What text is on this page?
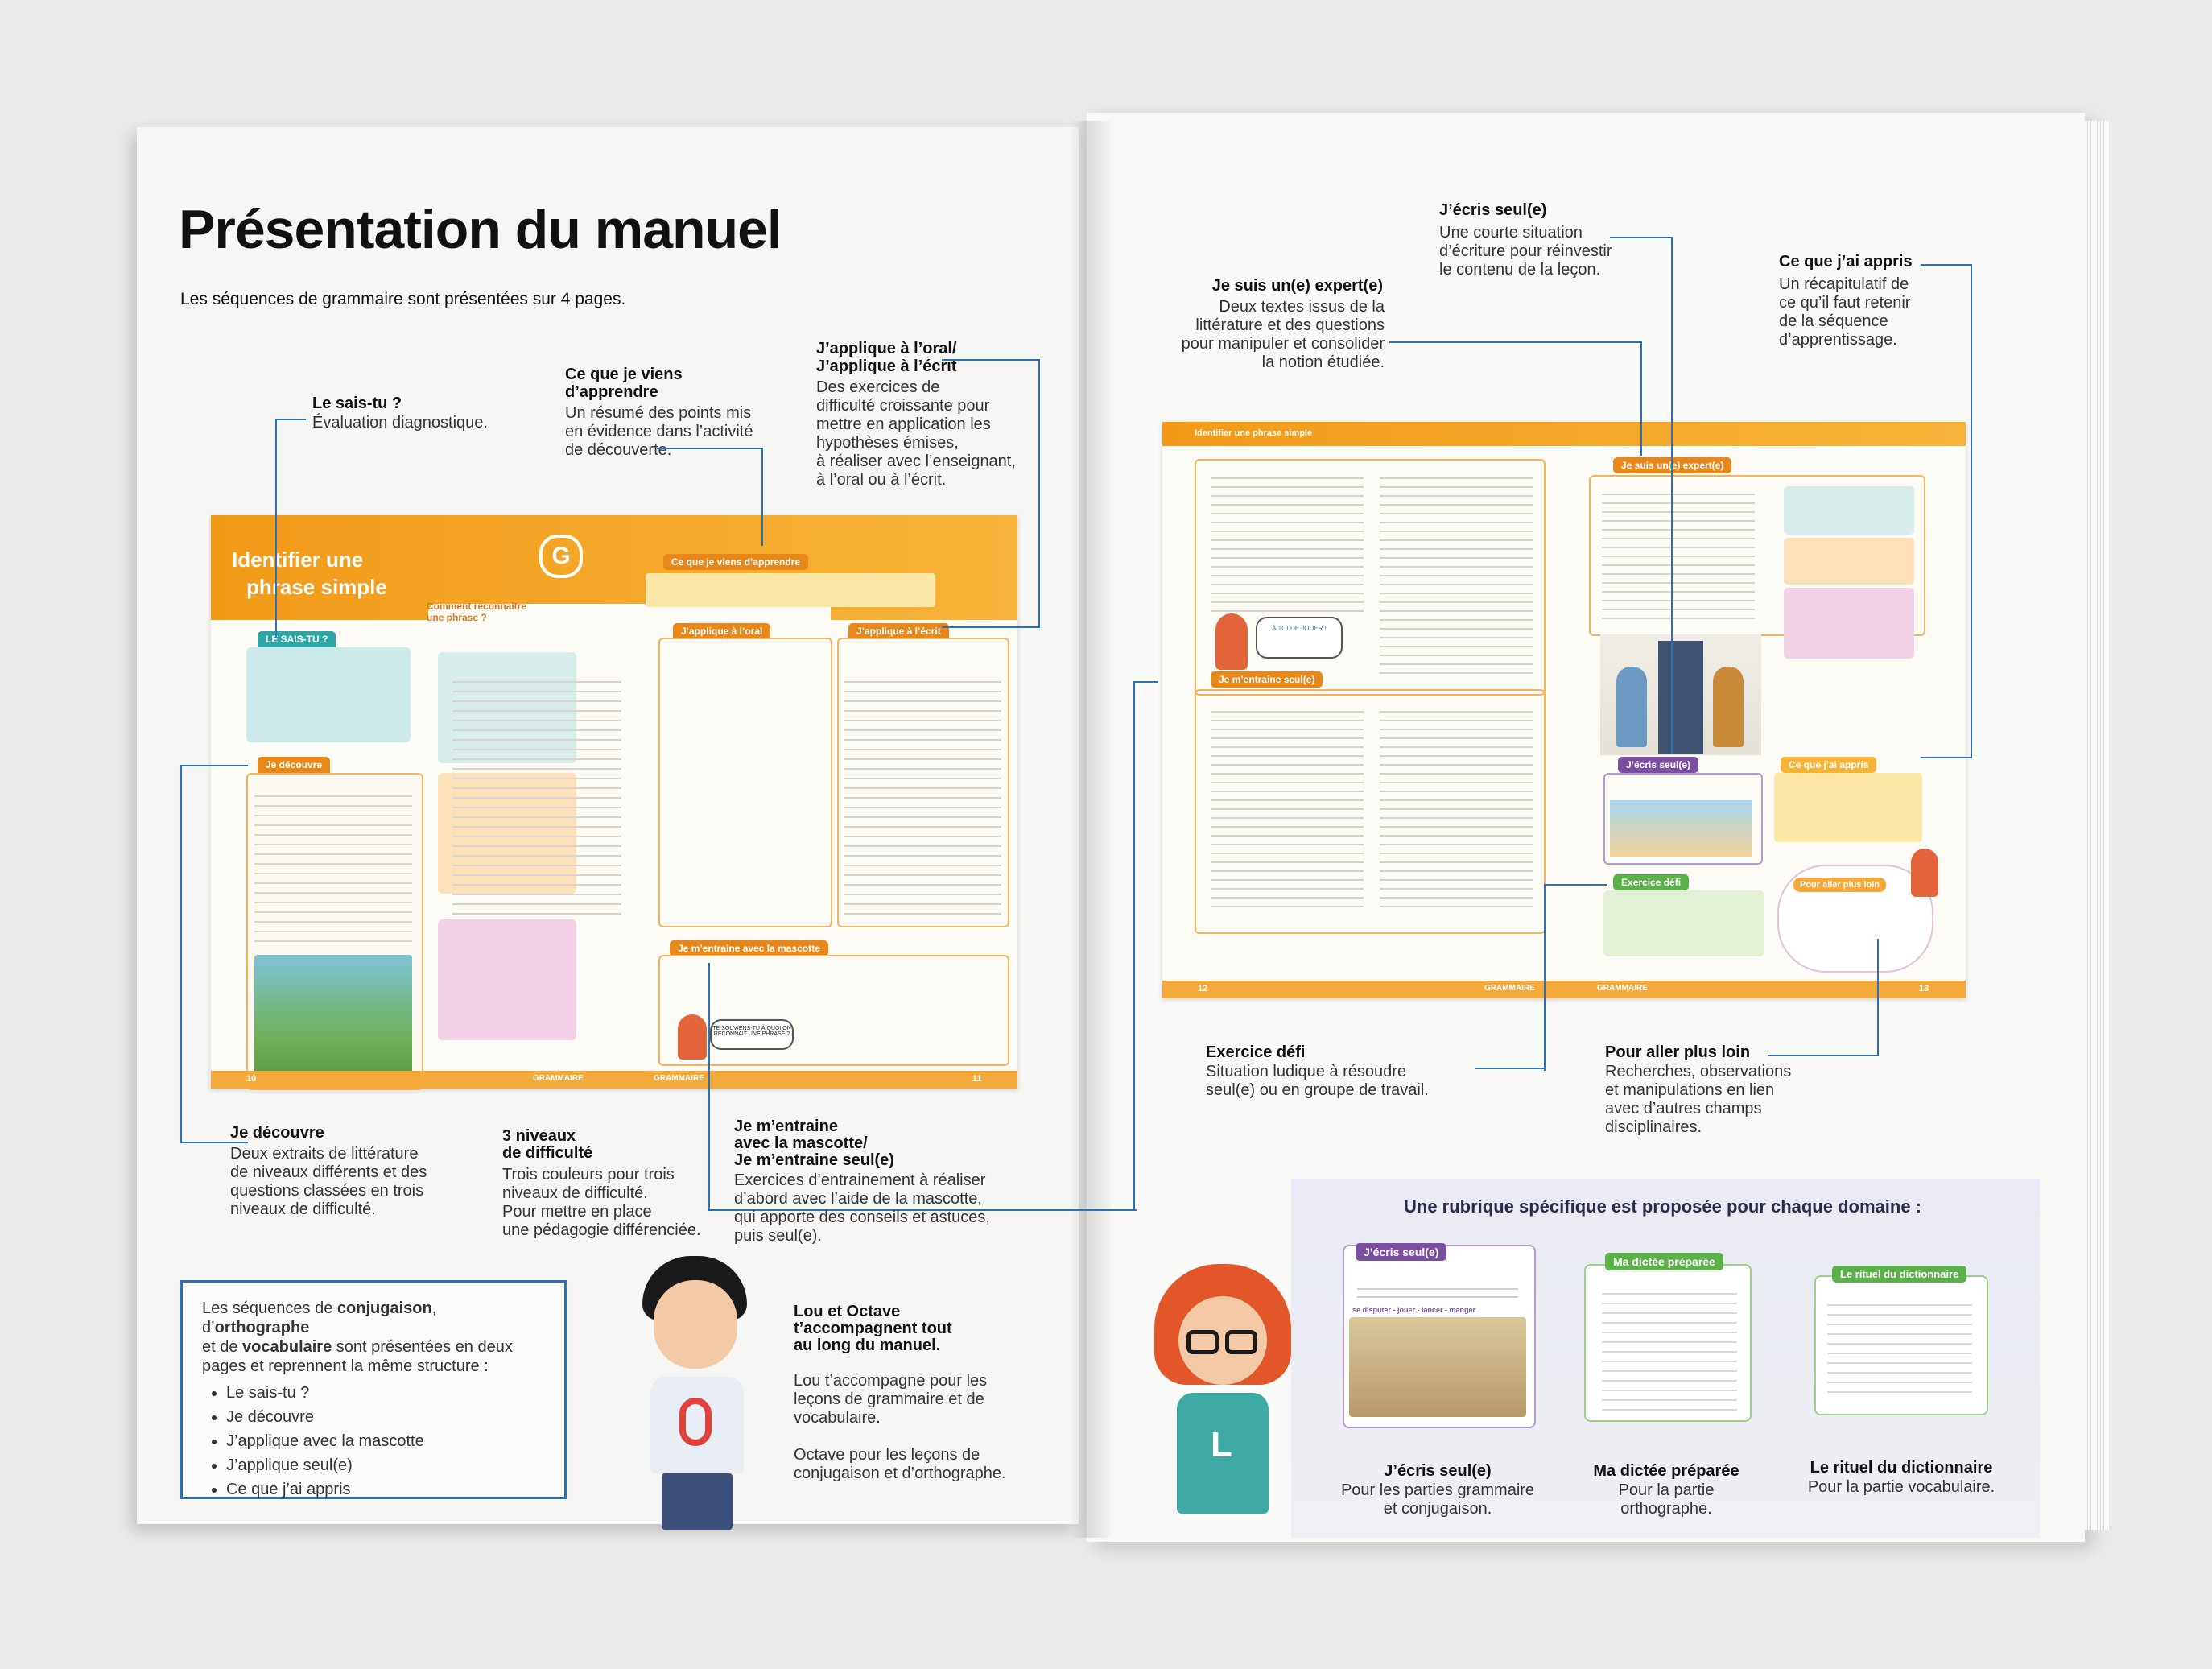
Présentation du manuel
Les séquences de grammaire sont présentées sur 4 pages.
Le sais-tu ?
Évaluation diagnostique.
Ce que je viens
d’apprendre
Un résumé des points mis
en évidence dans l’activité
de découverte.
J’applique à l’oral/
J’applique à l’écrit
Des exercices de
difficulté croissante pour
mettre en application les
hypothèses émises,
à réaliser avec l’enseignant,
à l’oral ou à l’écrit.
Identifier une
phrase simple
G
Comment reconnaitre
une phrase ?
LE SAIS-TU ?
Je découvre
Ce que je viens d’apprendre
J’applique à l’oral	J’applique à l’écrit
Je m’entraine avec la mascotte
TE SOUVIENS-TU À QUOI ON RECONNAIT UNE PHRASE ?
10	GRAMMAIRE	GRAMMAIRE	11
Je découvre
Deux extraits de littérature
de niveaux différents et des
questions classées en trois
niveaux de difficulté.
3 niveaux
de difficulté
Trois couleurs pour trois
niveaux de difficulté.
Pour mettre en place
une pédagogie différenciée.
Je m’entraine
avec la mascotte/
Je m’entraine seul(e)
Exercices d’entrainement à réaliser
d’abord avec l’aide de la mascotte,
qui apporte des conseils et astuces,
puis seul(e).
Les séquences de conjugaison, d’orthographe
et de vocabulaire sont présentées en deux
pages et reprennent la même structure :
• Le sais-tu ?
• Je découvre
• J’applique avec la mascotte
• J’applique seul(e)
• Ce que j’ai appris
Lou et Octave
t’accompagnent tout
au long du manuel.
Lou t’accompagne pour les
leçons de grammaire et de
vocabulaire.
Octave pour les leçons de
conjugaison et d’orthographe.
J’écris seul(e)
Une courte situation
d’écriture pour réinvestir
le contenu de la leçon.	Ce que j’ai appris
Un récapitulatif de
ce qu’il faut retenir
de la séquence
d’apprentissage.
Je suis un(e) expert(e)
Deux textes issus de la
littérature et des questions
pour manipuler et consolider
la notion étudiée.
Identifier une phrase simple
À TOI DE JOUER !
Je m’entraine seul(e)
Je suis un(e) expert(e)
J’écris seul(e)	Ce que j’ai appris
Exercice défi	Pour aller plus loin
12	GRAMMAIRE	GRAMMAIRE	13
Exercice défi
Situation ludique à résoudre
seul(e) ou en groupe de travail.
Pour aller plus loin
Recherches, observations
et manipulations en lien
avec d’autres champs
disciplinaires.
Une rubrique spécifique est proposée pour chaque domaine :
L
J’écris seul(e)
se disputer - jouer - lancer - manger
J’écris seul(e)
Pour les parties grammaire
et conjugaison.
Ma dictée préparée
Ma dictée préparée
Pour la partie
orthographe.
Le rituel du dictionnaire
Le rituel du dictionnaire
Pour la partie vocabulaire.
